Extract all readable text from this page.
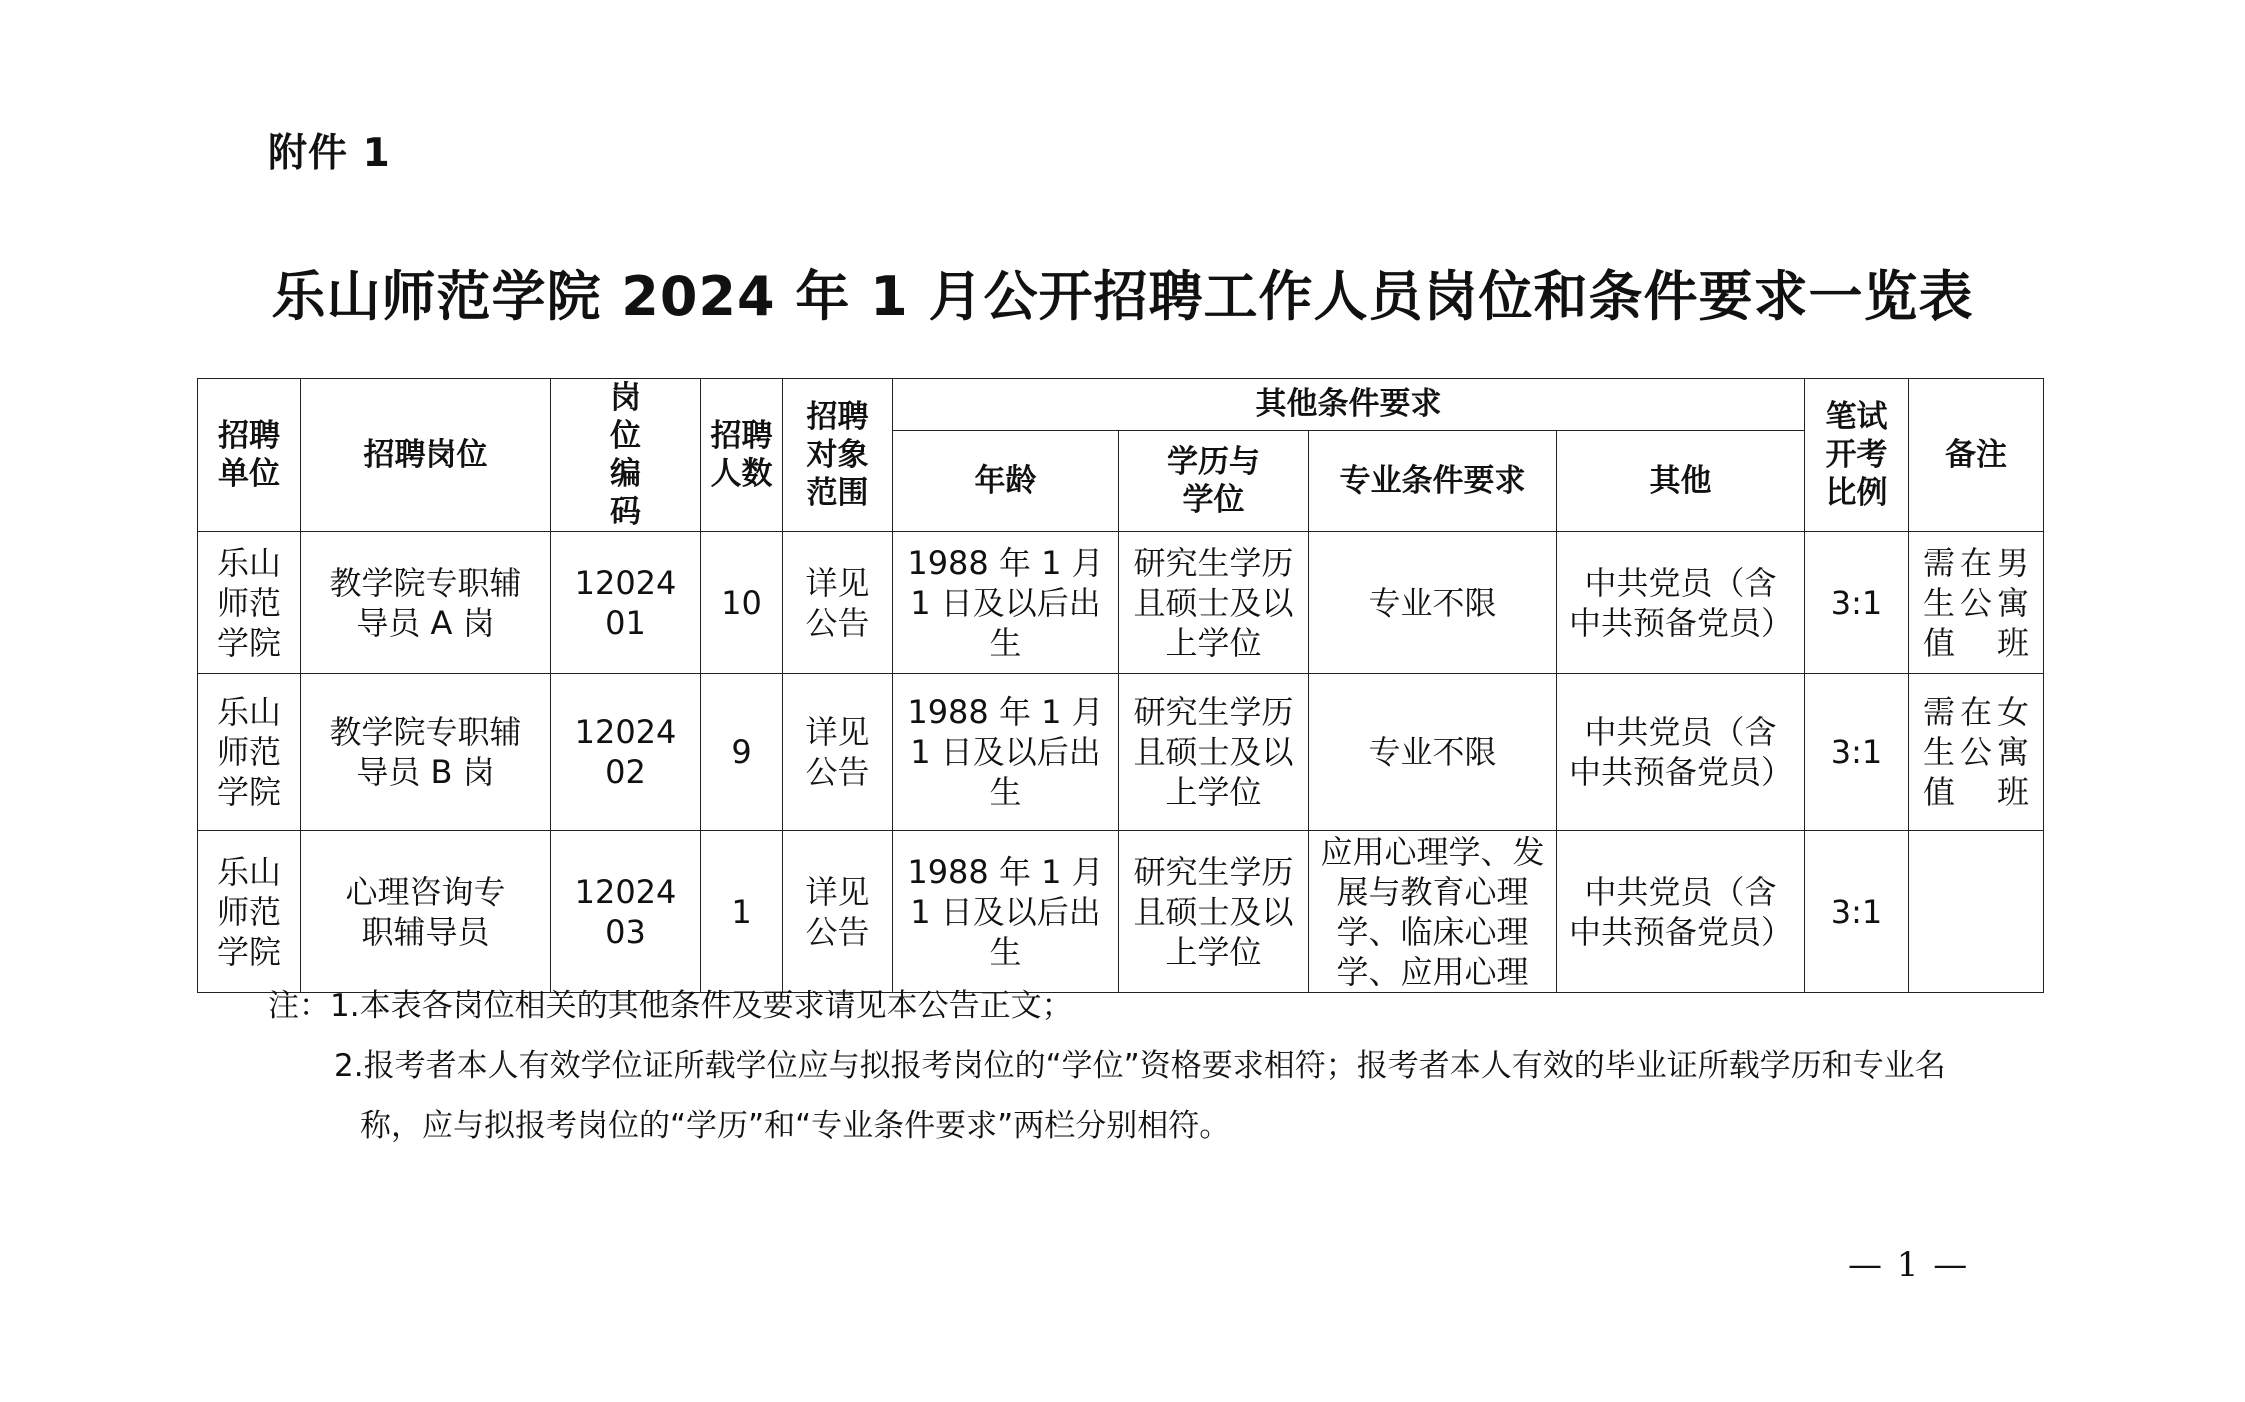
附件 1
乐山师范学院 2024 年 1 月公开招聘工作人员岗位和条件要求一览表
招聘单位	招聘岗位	岗位编码	招聘人数	招聘对象范围	其他条件要求				笔试开考比例	备注
					年龄	学历与学位	专业条件要求	其他		
乐山师范学院	教学院专职辅导员 A 岗	1202401	10	详见公告	1988 年 1 月 1 日及以后出生	研究生学历且硕士及以上学位	专业不限	中共党员（含中共预备党员）	3:1	需在男生公寓值班
乐山师范学院	教学院专职辅导员 B 岗	1202402	9	详见公告	1988 年 1 月 1 日及以后出生	研究生学历且硕士及以上学位	专业不限	中共党员（含中共预备党员）	3:1	需在女生公寓值班
乐山师范学院	心理咨询专职辅导员	1202403	1	详见公告	1988 年 1 月 1 日及以后出生	研究生学历且硕士及以上学位	应用心理学、发展与教育心理学、临床心理学、应用心理	中共党员（含中共预备党员）	3:1	
注：1.本表各岗位相关的其他条件及要求请见本公告正文；
2.报考者本人有效学位证所载学位应与拟报考岗位的“学位”资格要求相符；报考者本人有效的毕业证所载学历和专业名称，应与拟报考岗位的“学历”和“专业条件要求”两栏分别相符。
— 1 —
